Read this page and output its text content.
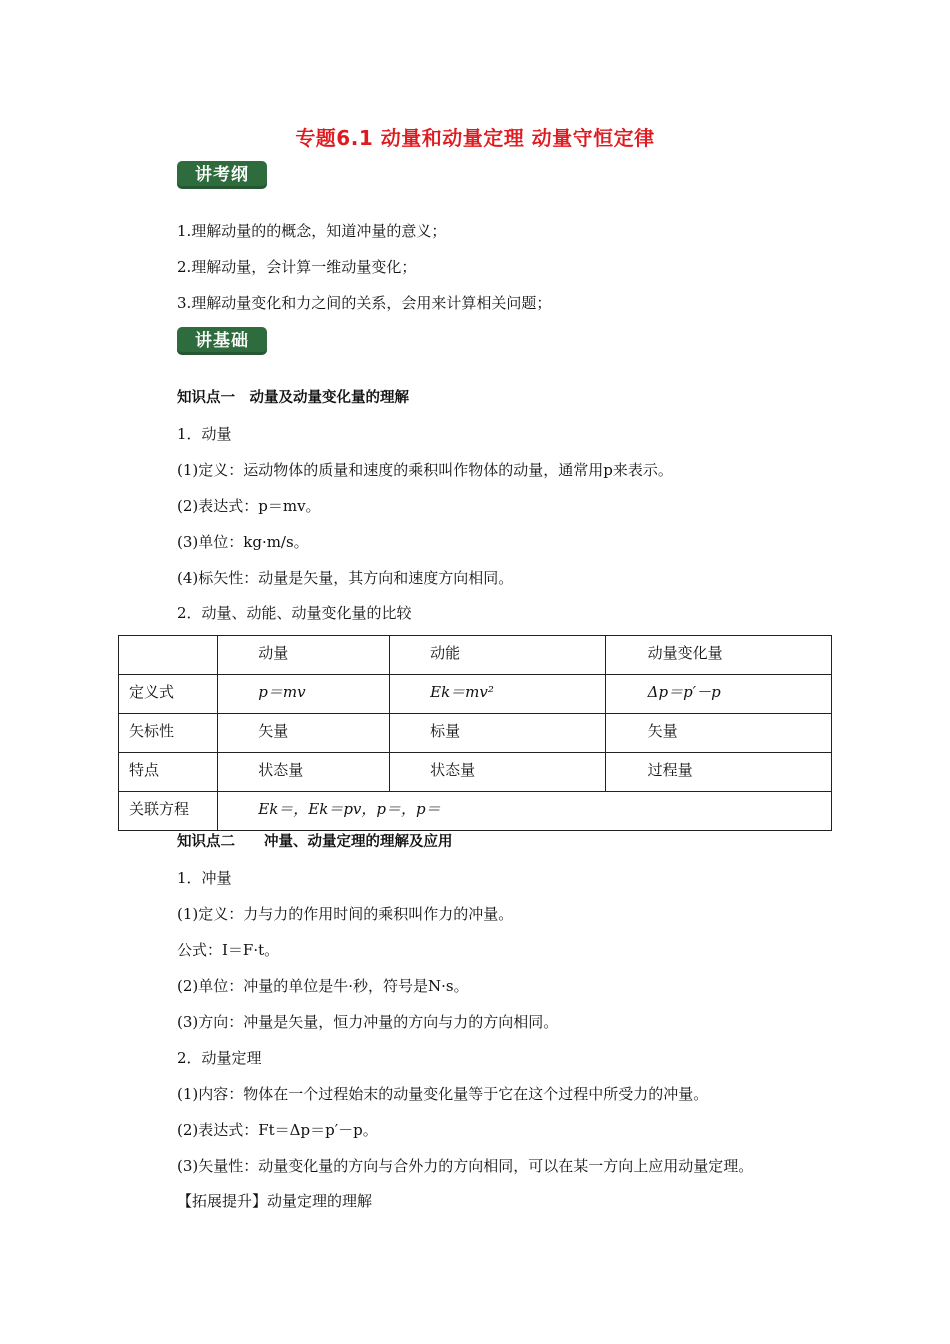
专题6.1 动量和动量定理 动量守恒定律
讲考纲
1.理解动量的的概念，知道冲量的意义；
2.理解动量，会计算一维动量变化；
3.理解动量变化和力之间的关系，会用来计算相关问题；
讲基础
知识点一　动量及动量变化量的理解
1．动量
(1)定义：运动物体的质量和速度的乘积叫作物体的动量，通常用p来表示。
(2)表达式：p＝mv。
(3)单位：kg·m/s。
(4)标矢性：动量是矢量，其方向和速度方向相同。
2．动量、动能、动量变化量的比较

	动量	动能	动量变化量

定义式	p＝mv	Ek＝mv²	Δp＝p′－p

矢标性	矢量	标量	矢量

特点	状态量	状态量	过程量

关联方程	Ek＝，Ek＝pv，p＝，p＝		
知识点二　　冲量、动量定理的理解及应用
1．冲量
(1)定义：力与力的作用时间的乘积叫作力的冲量。
公式：I＝F·t。
(2)单位：冲量的单位是牛·秒，符号是N·s。
(3)方向：冲量是矢量，恒力冲量的方向与力的方向相同。
2．动量定理
(1)内容：物体在一个过程始末的动量变化量等于它在这个过程中所受力的冲量。
(2)表达式：Ft＝Δp＝p′－p。
(3)矢量性：动量变化量的方向与合外力的方向相同，可以在某一方向上应用动量定理。
【拓展提升】动量定理的理解
